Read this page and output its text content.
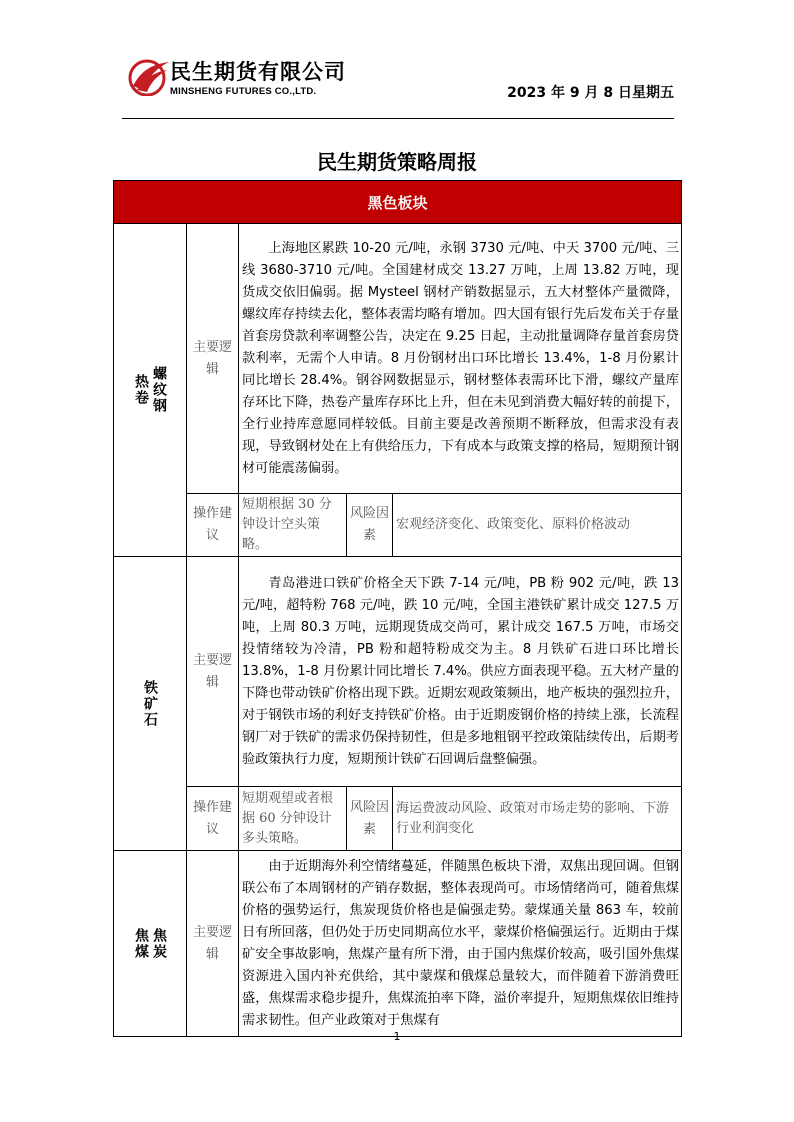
民生期货有限公司
MINSHENG FUTURES CO.,LTD.	2023 年 9 月 8 日星期五
民生期货策略周报
黑色板块				

热卷 螺纹钢	主要逻辑	上海地区累跌 10-20 元/吨，永钢 3730 元/吨、中天 3700 元/吨、三线 3680-3710 元/吨。全国建材成交 13.27 万吨，上周 13.82 万吨，现货成交依旧偏弱。据 Mysteel 钢材产销数据显示，五大材整体产量微降，螺纹库存持续去化，整体表需均略有增加。四大国有银行先后发布关于存量首套房贷款利率调整公告，决定在 9.25 日起，主动批量调降存量首套房贷款利率，无需个人申请。8 月份钢材出口环比增长 13.4%，1-8 月份累计同比增长 28.4%。钢谷网数据显示，钢材整体表需环比下滑，螺纹产量库存环比下降，热卷产量库存环比上升，但在未见到消费大幅好转的前提下，全行业持库意愿同样较低。目前主要是改善预期不断释放，但需求没有表现，导致钢材处在上有供给压力，下有成本与政策支撑的格局，短期预计钢材可能震荡偏弱。		
	操作建议	短期根据 30 分钟设计空头策略。	风险因素	宏观经济变化、政策变化、原料价格波动

铁矿石	主要逻辑	青岛港进口铁矿价格全天下跌 7-14 元/吨，PB 粉 902 元/吨，跌 13 元/吨，超特粉 768 元/吨，跌 10 元/吨，全国主港铁矿累计成交 127.5 万吨，上周 80.3 万吨，远期现货成交尚可，累计成交 167.5 万吨，市场交投情绪较为冷清，PB 粉和超特粉成交为主。8 月铁矿石进口环比增长 13.8%，1-8 月份累计同比增长 7.4%。供应方面表现平稳。五大材产量的下降也带动铁矿价格出现下跌。近期宏观政策频出，地产板块的强烈拉升，对于钢铁市场的利好支持铁矿价格。由于近期废钢价格的持续上涨，长流程钢厂对于铁矿的需求仍保持韧性，但是多地粗钢平控政策陆续传出，后期考验政策执行力度，短期预计铁矿石回调后盘整偏强。		
	操作建议	短期观望或者根据 60 分钟设计多头策略。	风险因素	海运费波动风险、政策对市场走势的影响、下游行业利润变化

焦煤 焦炭	主要逻辑	由于近期海外利空情绪蔓延，伴随黑色板块下滑，双焦出现回调。但钢联公布了本周钢材的产销存数据，整体表现尚可。市场情绪尚可，随着焦煤价格的强势运行，焦炭现货价格也是偏强走势。蒙煤通关量 863 车，较前日有所回落，但仍处于历史同期高位水平，蒙煤价格偏强运行。近期由于煤矿安全事故影响，焦煤产量有所下滑，由于国内焦煤价较高，吸引国外焦煤资源进入国内补充供给，其中蒙煤和俄煤总量较大，而伴随着下游消费旺盛，焦煤需求稳步提升，焦煤流拍率下降，溢价率提升，短期焦煤依旧维持需求韧性。但产业政策对于焦煤有		
1
